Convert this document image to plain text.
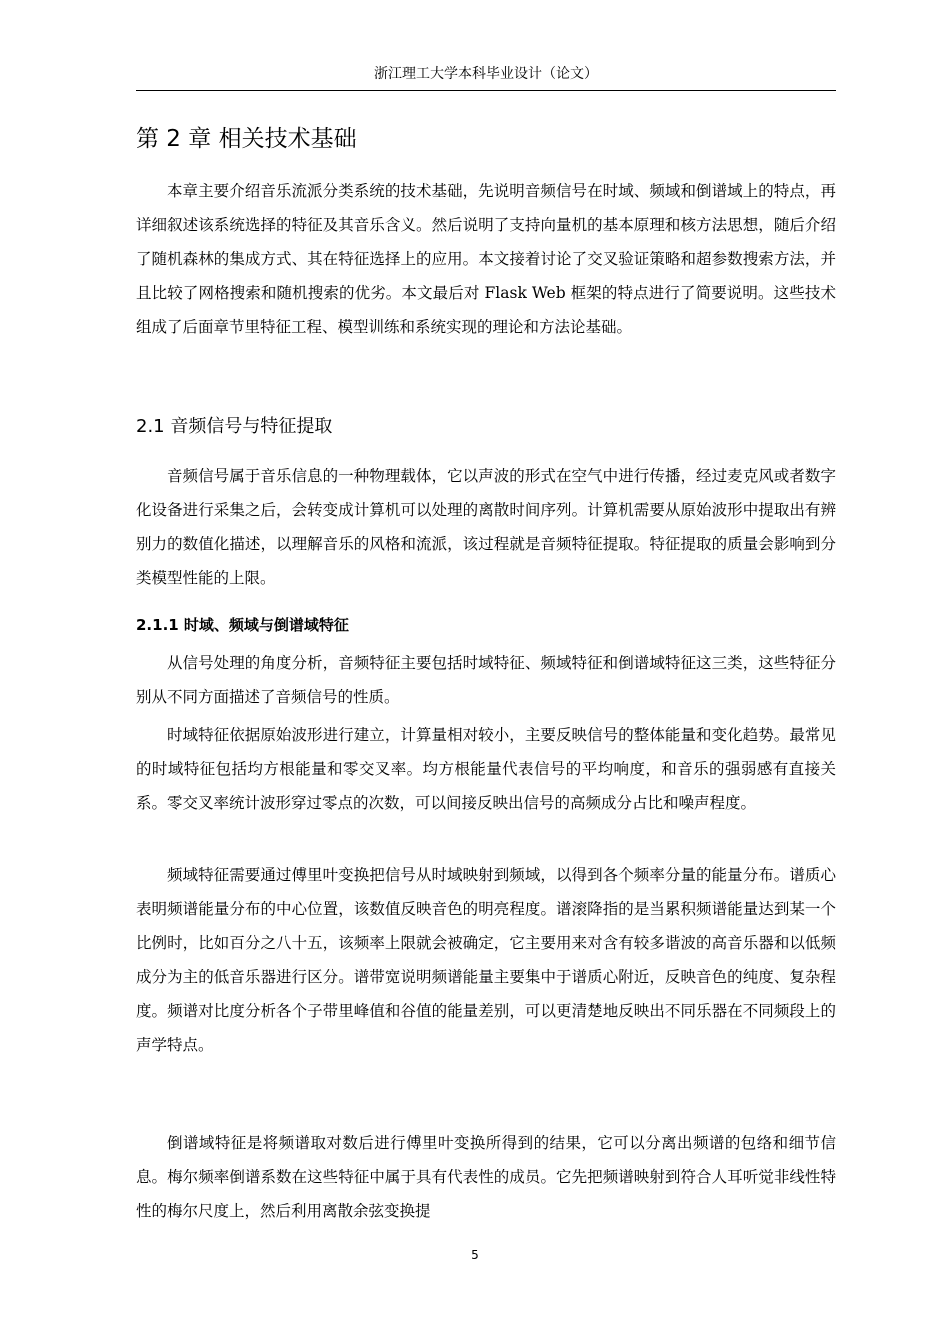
浙江理工大学本科毕业设计（论文）
第 2 章 相关技术基础

本章主要介绍音乐流派分类系统的技术基础，先说明音频信号在时域、频域和倒谱域上的特点，再详细叙述该系统选择的特征及其音乐含义。然后说明了支持向量机的基本原理和核方法思想，随后介绍了随机森林的集成方式、其在特征选择上的应用。本文接着讨论了交叉验证策略和超参数搜索方法，并且比较了网格搜索和随机搜索的优劣。本文最后对 Flask Web 框架的特点进行了简要说明。这些技术组成了后面章节里特征工程、模型训练和系统实现的理论和方法论基础。

2.1 音频信号与特征提取

音频信号属于音乐信息的一种物理载体，它以声波的形式在空气中进行传播，经过麦克风或者数字化设备进行采集之后，会转变成计算机可以处理的离散时间序列。计算机需要从原始波形中提取出有辨别力的数值化描述，以理解音乐的风格和流派，该过程就是音频特征提取。特征提取的质量会影响到分类模型性能的上限。

2.1.1 时域、频域与倒谱域特征

从信号处理的角度分析，音频特征主要包括时域特征、频域特征和倒谱域特征这三类，这些特征分别从不同方面描述了音频信号的性质。

时域特征依据原始波形进行建立，计算量相对较小，主要反映信号的整体能量和变化趋势。最常见的时域特征包括均方根能量和零交叉率。均方根能量代表信号的平均响度，和音乐的强弱感有直接关系。零交叉率统计波形穿过零点的次数，可以间接反映出信号的高频成分占比和噪声程度。

频域特征需要通过傅里叶变换把信号从时域映射到频域，以得到各个频率分量的能量分布。谱质心表明频谱能量分布的中心位置，该数值反映音色的明亮程度。谱滚降指的是当累积频谱能量达到某一个比例时，比如百分之八十五，该频率上限就会被确定，它主要用来对含有较多谐波的高音乐器和以低频成分为主的低音乐器进行区分。谱带宽说明频谱能量主要集中于谱质心附近，反映音色的纯度、复杂程度。频谱对比度分析各个子带里峰值和谷值的能量差别，可以更清楚地反映出不同乐器在不同频段上的声学特点。

倒谱域特征是将频谱取对数后进行傅里叶变换所得到的结果，它可以分离出频谱的包络和细节信息。梅尔频率倒谱系数在这些特征中属于具有代表性的成员。它先把频谱映射到符合人耳听觉非线性特性的梅尔尺度上，然后利用离散余弦变换提

5
